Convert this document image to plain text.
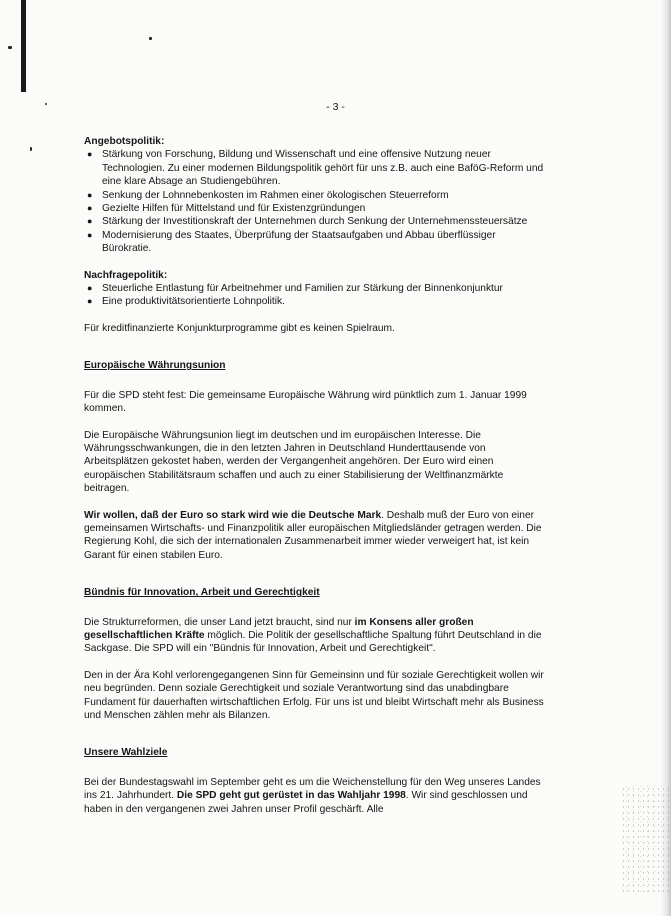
- 3 -

Angebotspolitik:

● Stärkung von Forschung, Bildung und Wissenschaft und eine offensive Nutzung neuer Technologien. Zu einer modernen Bildungspolitik gehört für uns z.B. auch eine BaföG-Reform und eine klare Absage an Studiengebühren.
● Senkung der Lohnnebenkosten im Rahmen einer ökologischen Steuerreform
● Gezielte Hilfen für Mittelstand und für Existenzgründungen
● Stärkung der Investitionskraft der Unternehmen durch Senkung der Unternehmenssteuersätze
● Modernisierung des Staates, Überprüfung der Staatsaufgaben und Abbau überflüssiger Bürokratie.

Nachfragepolitik:

● Steuerliche Entlastung für Arbeitnehmer und Familien zur Stärkung der Binnenkonjunktur
● Eine produktivitätsorientierte Lohnpolitik.

Für kreditfinanzierte Konjunkturprogramme gibt es keinen Spielraum.

Europäische Währungsunion

Für die SPD steht fest: Die gemeinsame Europäische Währung wird pünktlich zum 1. Januar 1999 kommen.

Die Europäische Währungsunion liegt im deutschen und im europäischen Interesse. Die Währungsschwankungen, die in den letzten Jahren in Deutschland Hunderttausende von Arbeitsplätzen gekostet haben, werden der Vergangenheit angehören. Der Euro wird einen europäischen Stabilitätsraum schaffen und auch zu einer Stabilisierung der Weltfinanzmärkte beitragen.

Wir wollen, daß der Euro so stark wird wie die Deutsche Mark. Deshalb muß der Euro von einer gemeinsamen Wirtschafts- und Finanzpolitik aller europäischen Mitgliedsländer getragen werden. Die Regierung Kohl, die sich der internationalen Zusammenarbeit immer wieder verweigert hat, ist kein Garant für einen stabilen Euro.

Bündnis für Innovation, Arbeit und Gerechtigkeit

Die Strukturreformen, die unser Land jetzt braucht, sind nur im Konsens aller großen gesellschaftlichen Kräfte möglich. Die Politik der gesellschaftliche Spaltung führt Deutschland in die Sackgase. Die SPD will ein "Bündnis für Innovation, Arbeit und Gerechtigkeit".

Den in der Ära Kohl verlorengegangenen Sinn für Gemeinsinn und für soziale Gerechtigkeit wollen wir neu begründen. Denn soziale Gerechtigkeit und soziale Verantwortung sind das unabdingbare Fundament für dauerhaften wirtschaftlichen Erfolg. Für uns ist und bleibt Wirtschaft mehr als Business und Menschen zählen mehr als Bilanzen.

Unsere Wahlziele

Bei der Bundestagswahl im September geht es um die Weichenstellung für den Weg unseres Landes ins 21. Jahrhundert. Die SPD geht gut gerüstet in das Wahljahr 1998. Wir sind geschlossen und haben in den vergangenen zwei Jahren unser Profil geschärft. Alle
